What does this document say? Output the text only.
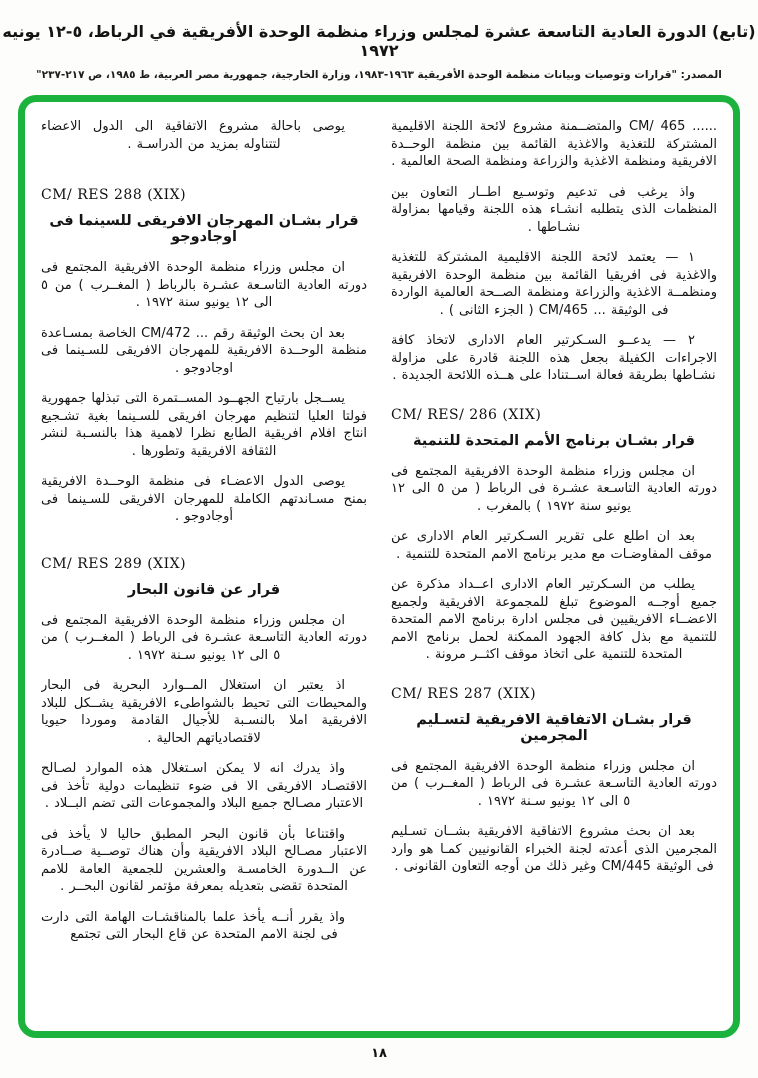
(تابع) الدورة العادية التاسعة عشرة لمجلس وزراء منظمة الوحدة الأفريقية في الرباط، ٥-١٢ يونيه ١٩٧٢
المصدر: "قرارات وتوصيات وبيانات منظمة الوحدة الأفريقية ١٩٦٣-١٩٨٣، وزارة الخارجية، جمهورية مصر العربية، ط ١٩٨٥، ص ٢١٧-٢٣٧"

...... CM/ 465 والمتضــمنة مشروع لائحة اللجنة الاقليمية المشتركة للتغذية والاغذية القائمة بين منظمة الوحــدة الافريقية ومنظمة الاغذية والزراعة ومنظمة الصحة العالمية .

واذ يرغب فى تدعيم وتوسـيع اطــار التعاون بين المنظمات الذى يتطلبه انشـاء هذه اللجنة وقيامها بمزاولة نشـاطها .

١ — يعتمد لائحة اللجنة الاقليمية المشتركة للتغذية والاغذية فى افريقيا القائمة بين منظمة الوحدة الافريقية ومنظمــة الاغذية والزراعة ومنظمة الصــحة العالمية الواردة فى الوثيقة ... CM/465 ( الجزء الثانى ) .

٢ — يدعــو السـكرتير العام الادارى لاتخاذ كافة الاجراءات الكفيلة بجعل هذه اللجنة قادرة على مزاولة نشـاطها بطريقة فعالة اســتنادا على هــذه اللائحة الجديدة .

CM/ RES/ 286 (XIX)
قرار بشـان برنامج الأمم المتحدة للتنمية

ان مجلس وزراء منظمة الوحدة الافريقية المجتمع فى دورته العادية التاسـعة عشـرة فى الرباط ( من ٥ الى ١٢ يونيو سنة ١٩٧٢ ) بالمغرب .

بعد ان اطلع على تقرير السـكرتير العام الادارى عن موقف المفاوضـات مع مدير برنامج الامم المتحدة للتنمية .

يطلب من السـكرتير العام الادارى اعــداد مذكرة عن جميع أوجــه الموضوع تبلغ للمجموعة الافريقية ولجميع الاعضــاء الافريقيين فى مجلس ادارة برنامج الامم المتحدة للتنمية مع بذل كافة الجهود الممكنة لحمل برنامج الامم المتحدة للتنمية على اتخاذ موقف اكثــر مرونة .

CM/ RES 287 (XIX)
قرار بشـان الاتفاقية الافريقية لتسـليم المجرمين

ان مجلس وزراء منظمة الوحدة الافريقية المجتمع فى دورته العادية التاسـعة عشـرة فى الرباط ( المغــرب ) من ٥ الى ١٢ يونيو سـنة ١٩٧٢ .

بعد ان بحث مشروع الاتفاقية الافريقية بشــان تسـليم المجرمين الذى أعدته لجنة الخبراء القانونيين كمـا هو وارد فى الوثيقة CM/445 وغير ذلك من أوجه التعاون القانونى .

يوصى باحالة مشروع الاتفاقية الى الدول الاعضاء لتتناوله بمزيد من الدراسـة .

CM/ RES 288 (XIX)
قرار بشـان المهرجان الافريقى للسينما فى اوجادوجو

ان مجلس وزراء منظمة الوحدة الافريقية المجتمع فى دورته العادية التاسـعة عشـرة بالرباط ( المغــرب ) من ٥ الى ١٢ يونيو سنة ١٩٧٢ .

بعد ان بحث الوثيقة رقم ... CM/472 الخاصة بمسـاعدة منظمة الوحــدة الافريقية للمهرجان الافريقى للسـينما فى اوجادوجو .

يســجل بارتياح الجهــود المســتمرة التى تبذلها جمهورية فولتا العليا لتنظيم مهرجان افريقى للسـينما بغية تشـجيع انتاج افلام افريقية الطابع نظرا لاهمية هذا بالنسـبة لنشر الثقافة الافريقية وتطورها .

يوصى الدول الاعضـاء فى منظمة الوحــدة الافريقية بمنح مسـاندتهم الكاملة للمهرجان الافريقى للسـينما فى أوجادوجو .

CM/ RES 289 (XIX)
قرار عن قانون البحار

ان مجلس وزراء منظمة الوحدة الافريقية المجتمع فى دورته العادية التاسـعة عشـرة فى الرباط ( المغــرب ) من ٥ الى ١٢ يونيو سـنة ١٩٧٢ .

اذ يعتبر ان استغلال المــوارد البحرية فى البحار والمحيطات التى تحيط بالشواطىء الافريقية يشــكل للبلاد الافريقية املا بالنسـبة للأجيال القادمة وموردا حيويا لاقتصادياتهم الحالية .

واذ يدرك انه لا يمكن اسـتغلال هذه الموارد لصـالح الاقتصـاد الافريقى الا فى ضوء تنظيمات دولية تأخذ فى الاعتبار مصـالح جميع البلاد والمجموعات التى تضم البــلاد .

واقتناعا بأن قانون البحر المطبق حاليا لا يأخذ فى الاعتبار مصـالح البلاد الافريقية وأن هناك توصــية صــادرة عن الــدورة الخامسـة والعشرين للجمعية العامة للامم المتحدة تقضى بتعديله بمعرفة مؤتمر لقانون البحــر .

واذ يقرر أنــه يأخذ علما بالمناقشـات الهامة التى دارت فى لجنة الامم المتحدة عن قاع البحار التى تجتمع

١٨
